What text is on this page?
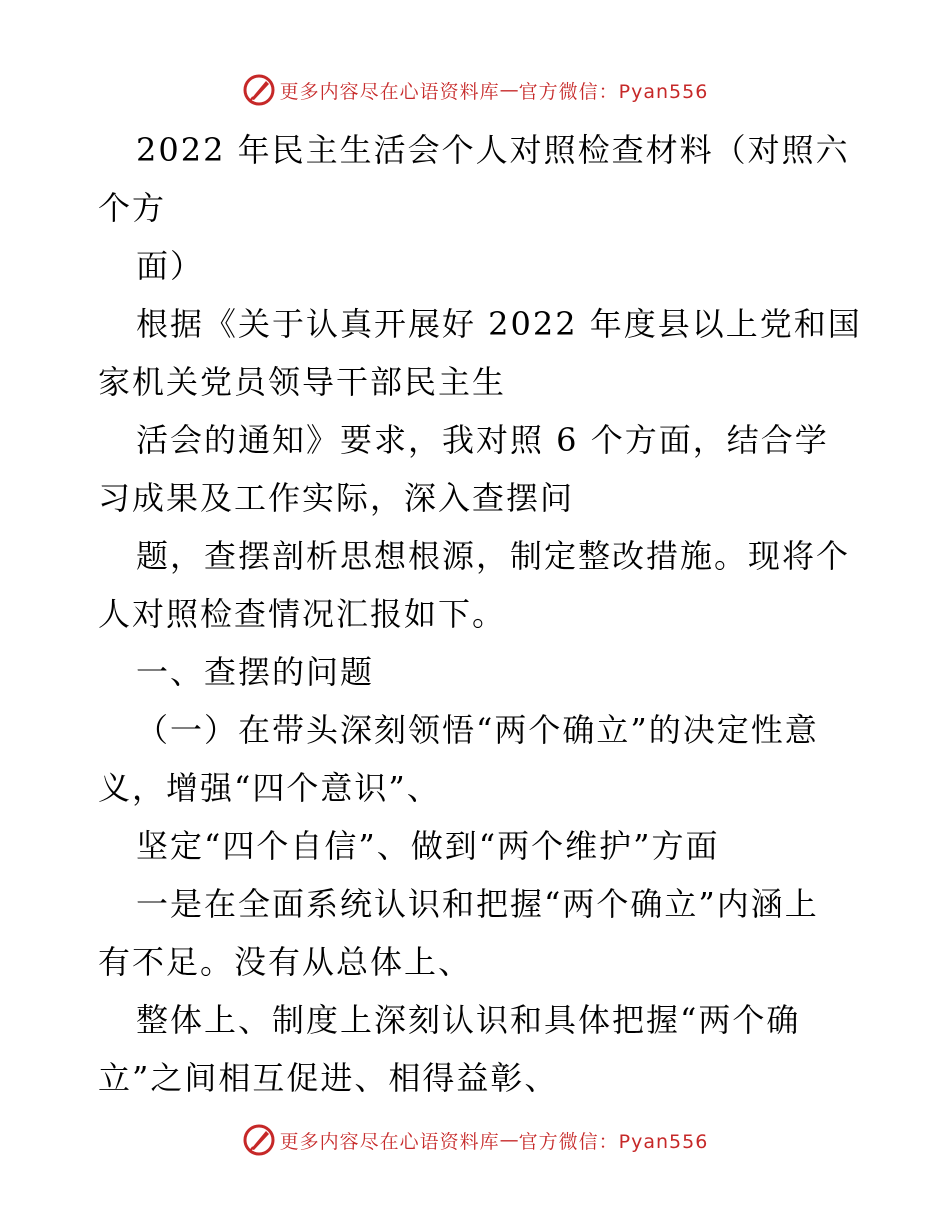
更多内容尽在心语资料库 — 官方微信：Pyan556

2022 年民主生活会个人对照检查材料（对照六

个方

面）

根据《关于认真开展好 2022 年度县以上党和国

家机关党员领导干部民主生

活会的通知》要求，我对照 6 个方面，结合学

习成果及工作实际，深入查摆问

题，查摆剖析思想根源，制定整改措施。现将个

人对照检查情况汇报如下。

一、查摆的问题

（一）在带头深刻领悟“两个确立”的决定性意

义，增强“四个意识”、

坚定“四个自信”、做到“两个维护”方面

一是在全面系统认识和把握“两个确立”内涵上

有不足。没有从总体上、

整体上、制度上深刻认识和具体把握“两个确

立”之间相互促进、相得益彰、

更多内容尽在心语资料库 — 官方微信：Pyan556
